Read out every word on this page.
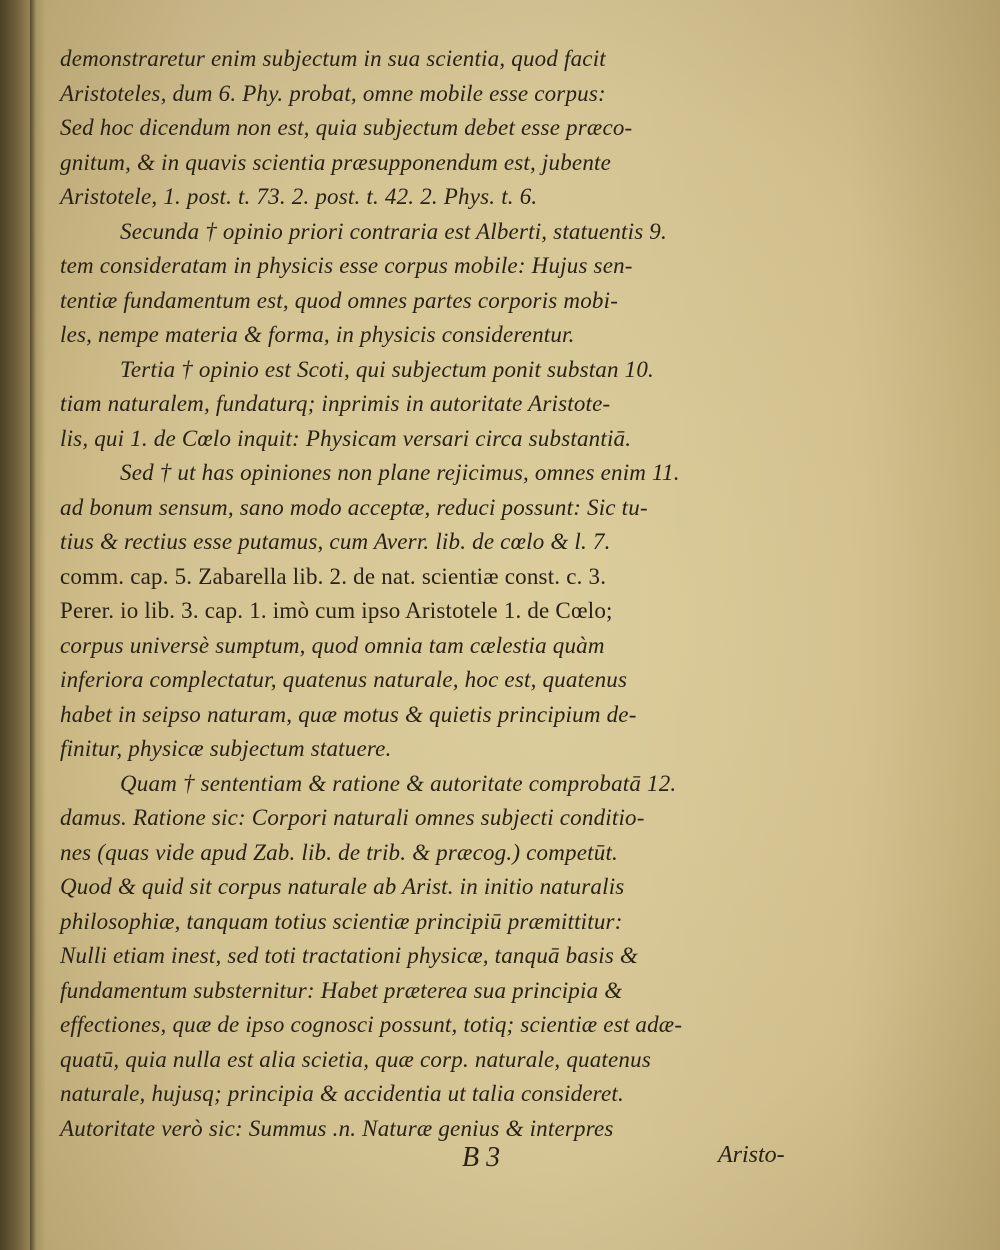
demonstraretur enim subjectum in sua scientia, quod facit
Aristoteles, dum 6. Phy. probat, omne mobile esse corpus:
Sed hoc dicendum non est, quia subjectum debet esse præco-
gnitum, & in quavis scientia præsupponendum est, jubente
Aristotele, 1. post. t. 73. 2. post. t. 42. 2. Phys. t. 6.
Secunda † opinio priori contraria est Alberti, statuentis 9.
tem consideratam in physicis esse corpus mobile: Hujus sen-
tentiæ fundamentum est, quod omnes partes corporis mobi-
les, nempe materia & forma, in physicis considerentur.
Tertia † opinio est Scoti, qui subjectum ponit substan 10.
tiam naturalem, fundaturq; inprimis in autoritate Aristote-
lis, qui 1. de Cœlo inquit: Physicam versari circa substantiā.
Sed † ut has opiniones non plane rejicimus, omnes enim 11.
ad bonum sensum, sano modo acceptæ, reduci possunt: Sic tu-
tius & rectius esse putamus, cum Averr. lib. de cœlo & l. 7.
comm. cap. 5. Zabarella lib. 2. de nat. scientiæ const. c. 3.
Perer. io lib. 3. cap. 1. imò cum ipso Aristotele 1. de Cœlo;
corpus universè sumptum, quod omnia tam cælestia quàm
inferiora complectatur, quatenus naturale, hoc est, quatenus
habet in seipso naturam, quæ motus & quietis principium de-
finitur, physicæ subjectum statuere.
Quam † sententiam & ratione & autoritate comprobatā 12.
damus. Ratione sic: Corpori naturali omnes subjecti conditio-
nes (quas vide apud Zab. lib. de trib. & præcog.) competūt.
Quod & quid sit corpus naturale ab Arist. in initio naturalis
philosophiæ, tanquam totius scientiæ principiū præmittitur:
Nulli etiam inest, sed toti tractationi physicæ, tanquā basis &
fundamentum substernitur: Habet præterea sua principia &
effectiones, quæ de ipso cognosci possunt, totiq; scientiæ est adæ-
quatū, quia nulla est alia scietia, quæ corp. naturale, quatenus
naturale, hujusq; principia & accidentia ut talia consideret.
Autoritate verò sic: Summus .n. Naturæ genius & interpres
B 3	Aristo-
